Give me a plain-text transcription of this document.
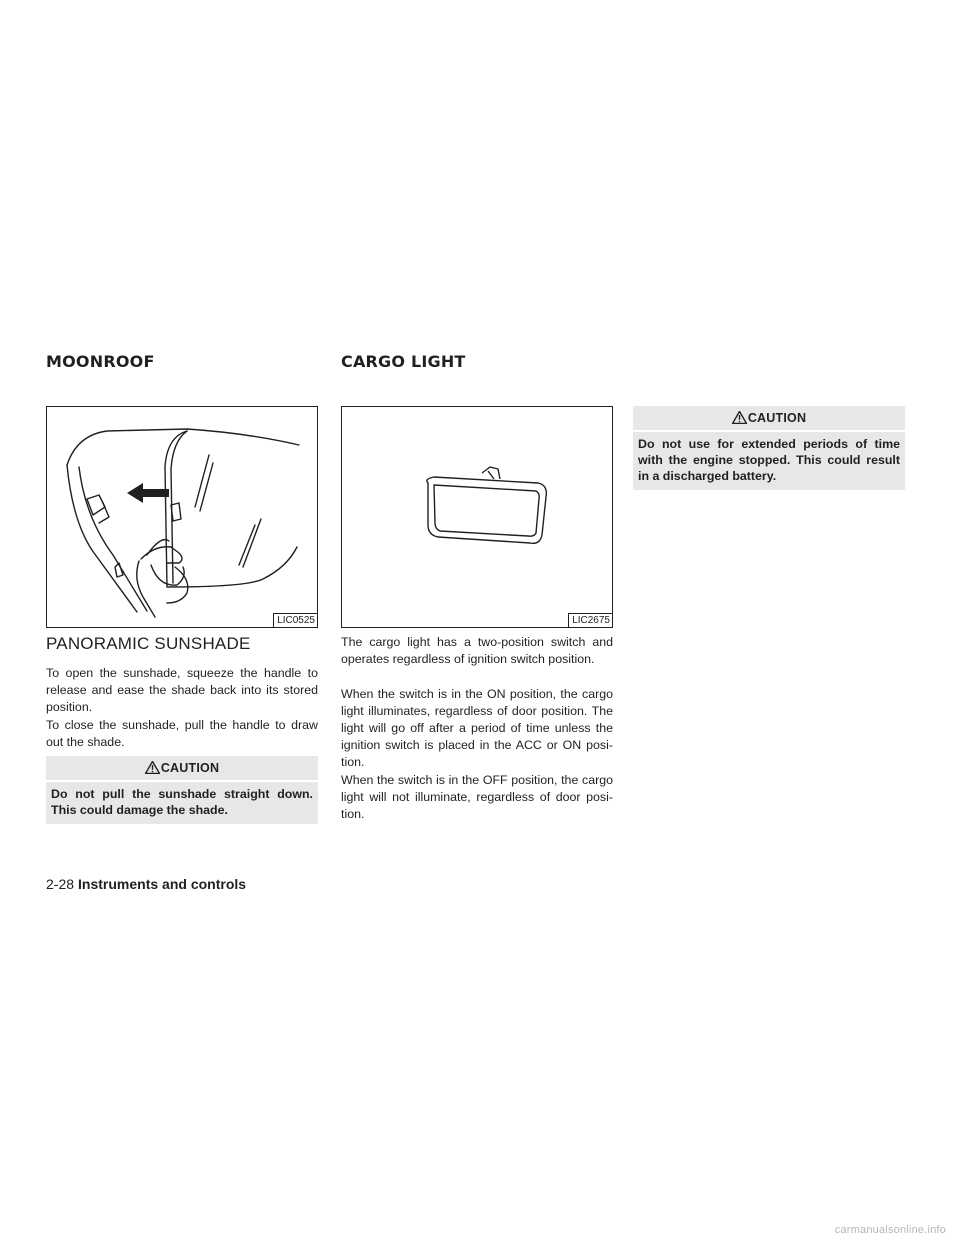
MOONROOF	CARGO LIGHT
LIC0525	LIC2675
PANORAMIC SUNSHADE

To open the sunshade, squeeze the handle to release and ease the shade back into its stored position.

To close the sunshade, pull the handle to draw out the shade.

CAUTION
Do not pull the sunshade straight down. This could damage the shade.

The cargo light has a two-position switch and operates regardless of ignition switch position.

When the switch is in the ON position, the cargo light illuminates, regardless of door position. The light will go off after a period of time unless the ignition switch is placed in the ACC or ON posi-tion.

When the switch is in the OFF position, the cargo light will not illuminate, regardless of door posi-tion.

CAUTION
Do not use for extended periods of time with the engine stopped. This could result in a discharged battery.
2-28 Instruments and controls
carmanualsonline.info
